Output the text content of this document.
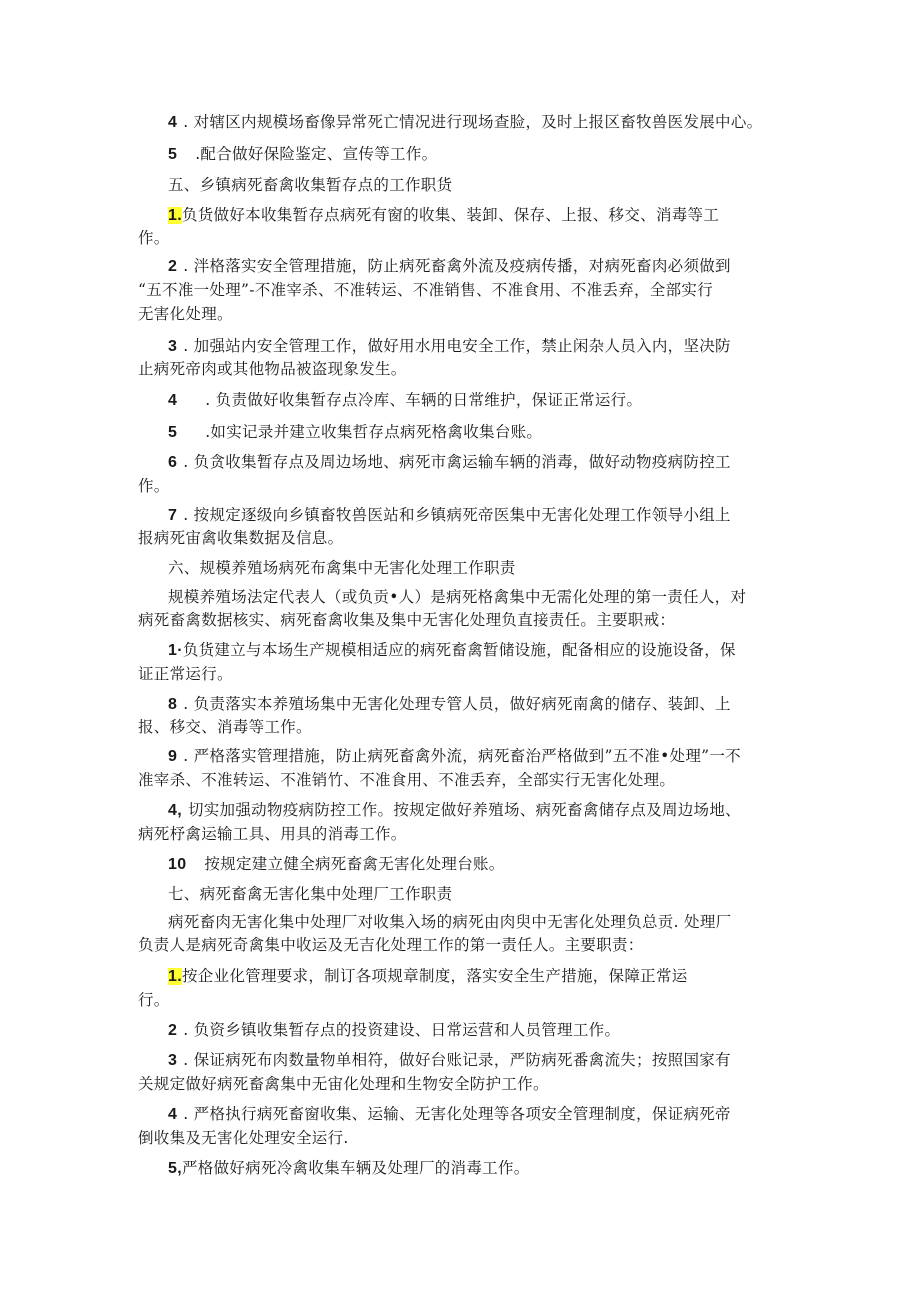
4 . 对辖区内规模场畜像异常死亡情况进行现场查脸，及时上报区畜牧兽医发展中心。

5 .配合做好保险鉴定、宣传等工作。

五、乡镇病死畜禽收集暂存点的工作职货

1.负货做好本收集暂存点病死有窗的收集、装卸、保存、上报、移交、消毒等工

作。

2 . 泮格落实安全管理措施，防止病死畜禽外流及疫病传播，对病死畜肉必须做到

“五不准一处理”-不准宰杀、不准转运、不准销售、不准食用、不准丢弃，全部实行

无害化处理。

3 . 加强站内安全管理工作，做好用水用电安全工作，禁止闲杂人员入内，坚决防

止病死帝肉或其他物品被盗现象发生。

4 . 负责做好收集暂存点冷库、车辆的日常维护，保证正常运行。

5 .如实记录并建立收集哲存点病死格禽收集台账。

6 . 负贪收集暂存点及周边场地、病死市禽运输车辆的消毒，做好动物疫病防控工

作。

7 . 按规定逐级向乡镇畜牧兽医站和乡镇病死帝医集中无害化处理工作领导小组上

报病死宙禽收集数据及信息。

六、规模养殖场病死布禽集中无害化处理工作职责

规模养殖场法定代表人（或负贡•人）是病死格禽集中无需化处理的第一责任人，对

病死畜禽数据核实、病死畜禽收集及集中无害化处理负直接责任。主要职戒：

1·负货建立与本场生产规模相适应的病死畜禽暂储设施，配备相应的设施设备，保

证正常运行。

8 . 负责落实本养殖场集中无害化处理专管人员，做好病死南禽的储存、装卸、上

报、移交、消毒等工作。

9 . 严格落实管理措施，防止病死畜禽外流，病死畜治严格做到”五不准•处理”一不

准宰杀、不准转运、不准销竹、不准食用、不准丢弃，全部实行无害化处理。

4, 切实加强动物疫病防控工作。按规定做好养殖场、病死畜禽储存点及周边场地、

病死杼禽运输工具、用具的消毒工作。

10 按规定建立健全病死畜禽无害化处理台账。

七、病死畜禽无害化集中处理厂工作职责

病死畜肉无害化集中处理厂对收集入场的病死由肉臾中无害化处理负总贡. 处理厂

负责人是病死奇禽集中收运及无吉化处理工作的第一责任人。主要职责：

1.按企业化管理要求，制订各项规章制度，落实安全生产措施，保障正常运

行。

2 . 负资乡镇收集暂存点的投资建设、日常运营和人员管理工作。

3 . 保证病死布肉数量物单相符，做好台账记录，严防病死番禽流失；按照国家有

关规定做好病死畜禽集中无宙化处理和生物安全防护工作。

4 . 严格执行病死畜窗收集、运输、无害化处理等各项安全管理制度，保证病死帝

倒收集及无害化处理安全运行.

5,严格做好病死冷禽收集车辆及处理厂的消毒工作。
